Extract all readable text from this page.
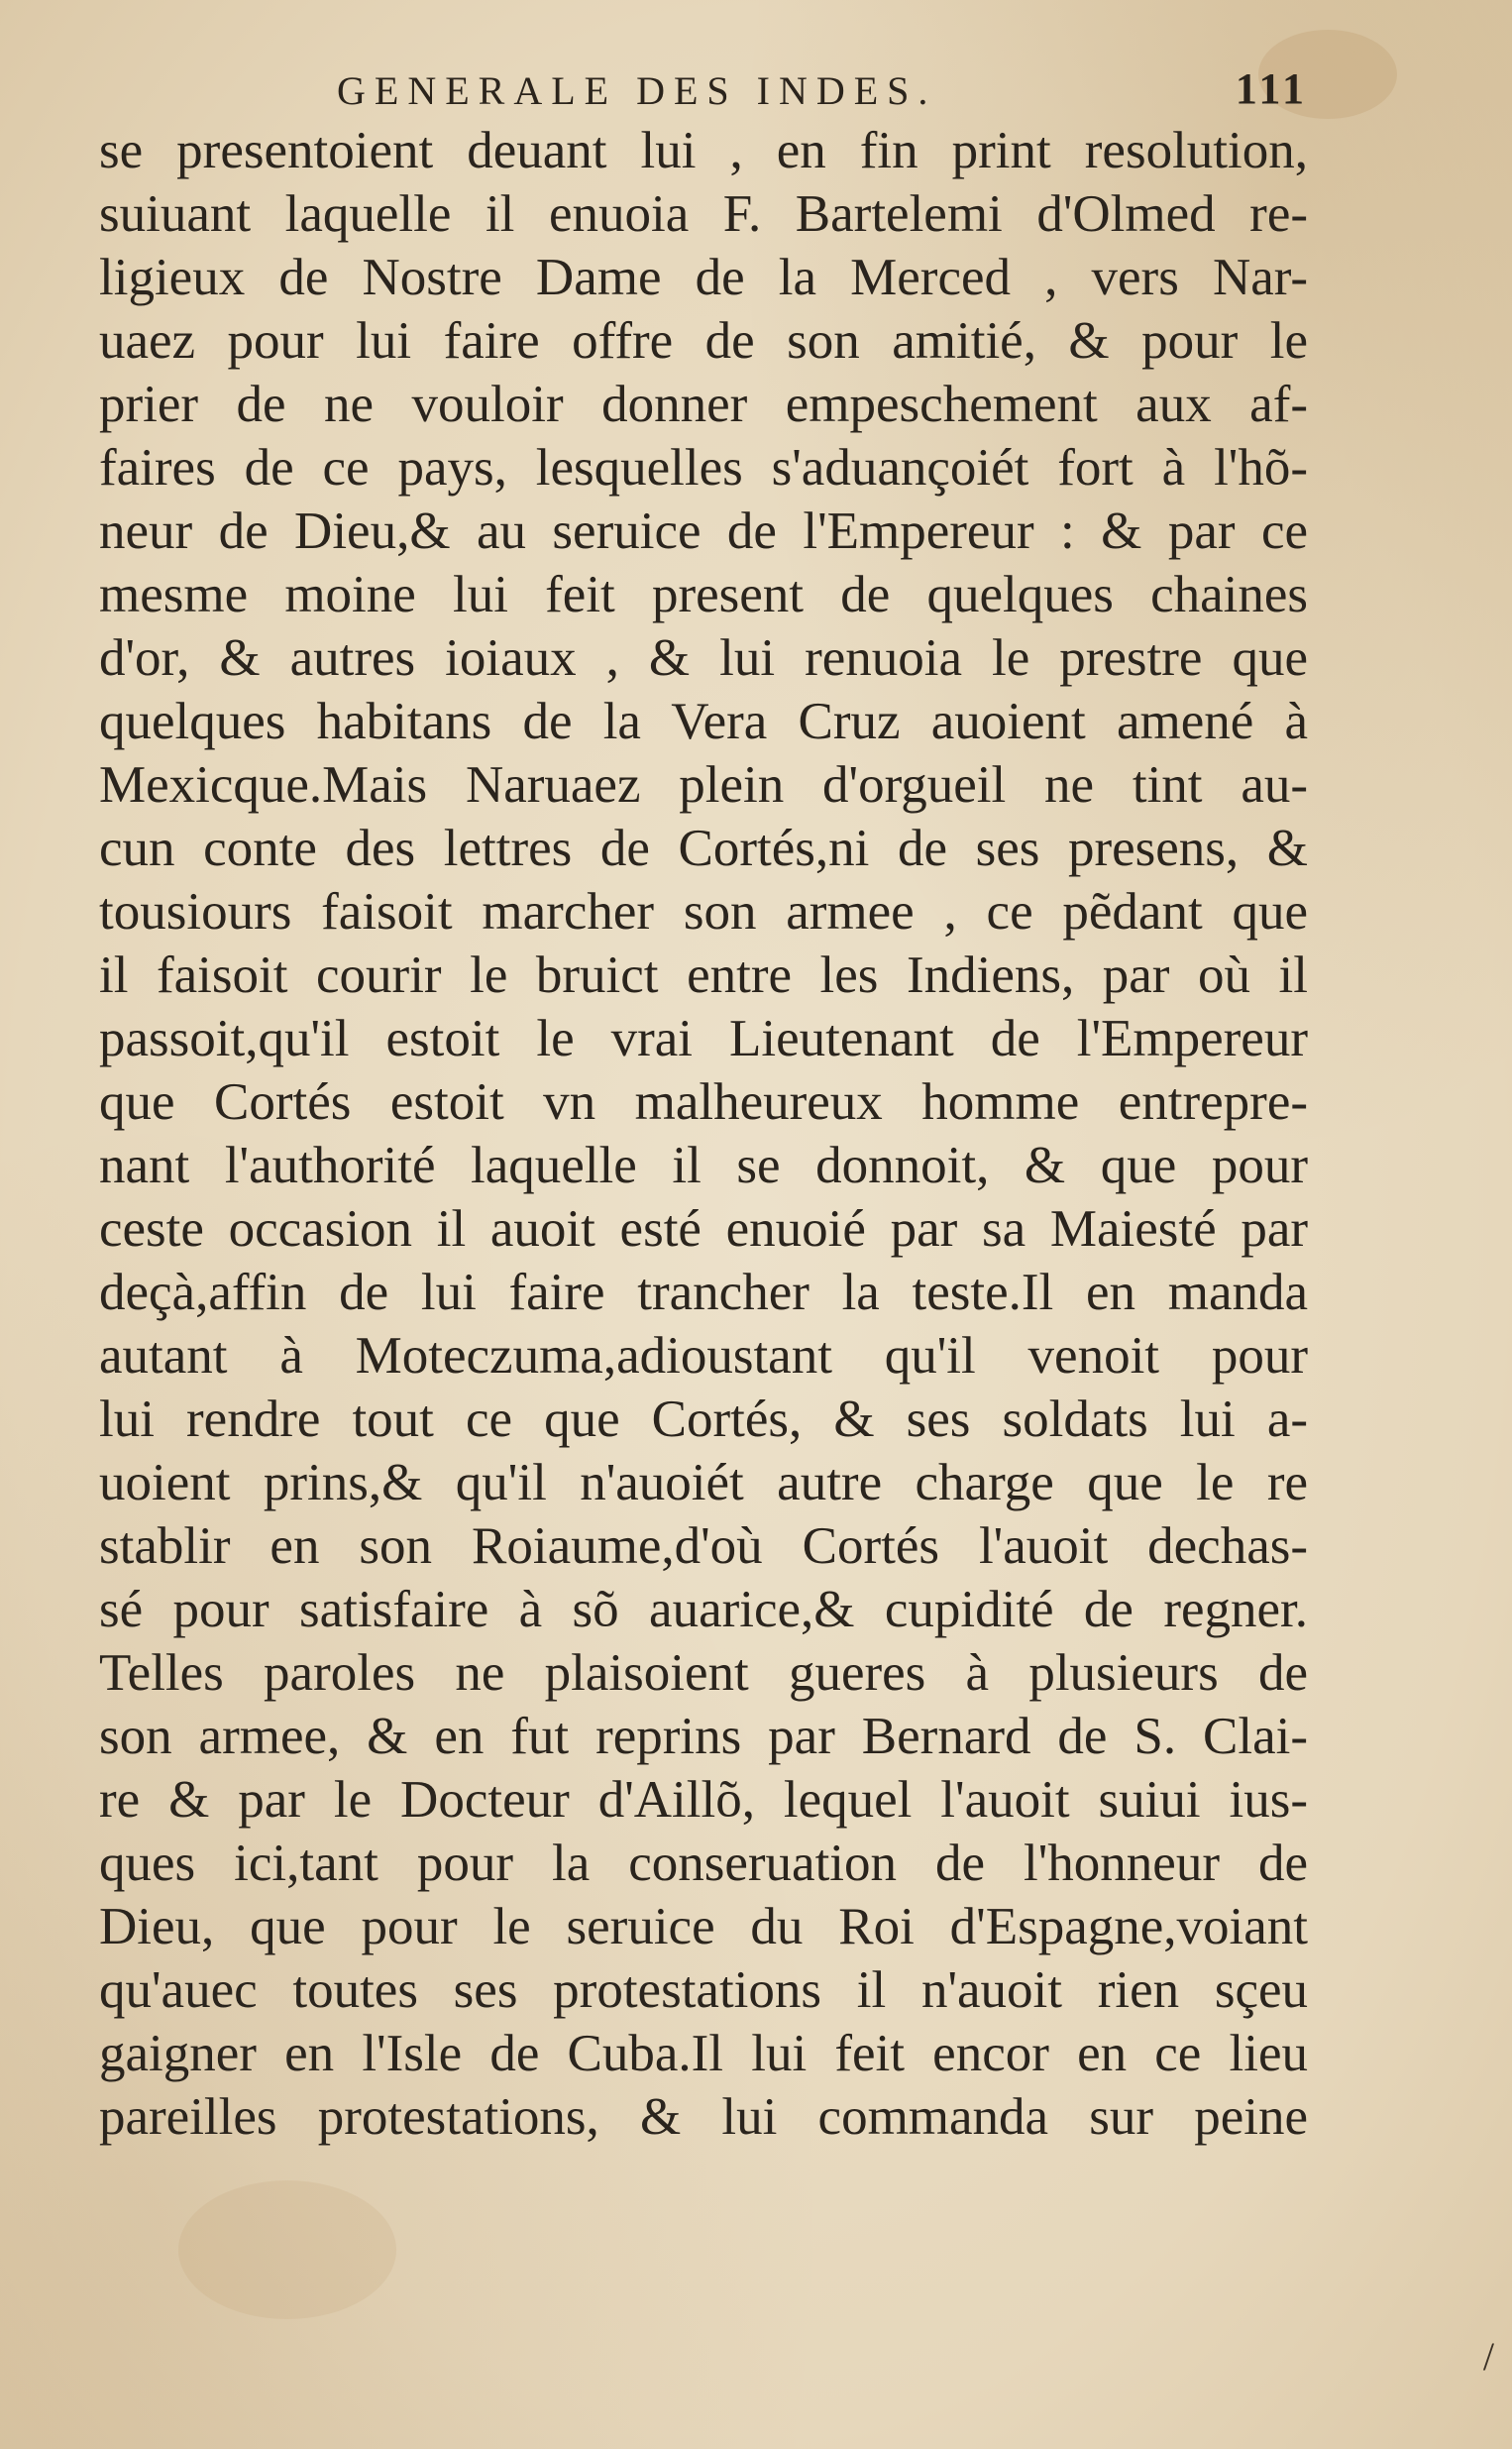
GENERALE DES INDES.	111
se presentoient deuant lui , en fin print resolution,
suiuant laquelle il enuoia F. Bartelemi d'Olmed re-
ligieux de Nostre Dame de la Merced , vers Nar-
uaez pour lui faire offre de son amitié, & pour le
prier de ne vouloir donner empeschement aux af-
faires de ce pays, lesquelles s'aduançoiét fort à l'hõ-
neur de Dieu,& au seruice de l'Empereur : & par ce
mesme moine lui feit present de quelques chaines
d'or, & autres ioiaux , & lui renuoia le prestre que
quelques habitans de la Vera Cruz auoient amené à
Mexicque.Mais Naruaez plein d'orgueil ne tint au-
cun conte des lettres de Cortés,ni de ses presens, &
tousiours faisoit marcher son armee , ce pẽdant que
il faisoit courir le bruict entre les Indiens, par où il
passoit,qu'il estoit le vrai Lieutenant de l'Empereur
que Cortés estoit vn malheureux homme entrepre-
nant l'authorité laquelle il se donnoit, & que pour
ceste occasion il auoit esté enuoié par sa Maiesté par
deçà,affin de lui faire trancher la teste.Il en manda
autant à Moteczuma,adioustant qu'il venoit pour
lui rendre tout ce que Cortés, & ses soldats lui a-
uoient prins,& qu'il n'auoiét autre charge que le re
stablir en son Roiaume,d'où Cortés l'auoit dechas-
sé pour satisfaire à sõ auarice,& cupidité de regner.
Telles paroles ne plaisoient gueres à plusieurs de
son armee, & en fut reprins par Bernard de S. Clai-
re & par le Docteur d'Aillõ, lequel l'auoit suiui ius-
ques ici,tant pour la conseruation de l'honneur de
Dieu, que pour le seruice du Roi d'Espagne,voiant
qu'auec toutes ses protestations il n'auoit rien sçeu
gaigner en l'Isle de Cuba.Il lui feit encor en ce lieu
pareilles protestations, & lui commanda sur peine
/
